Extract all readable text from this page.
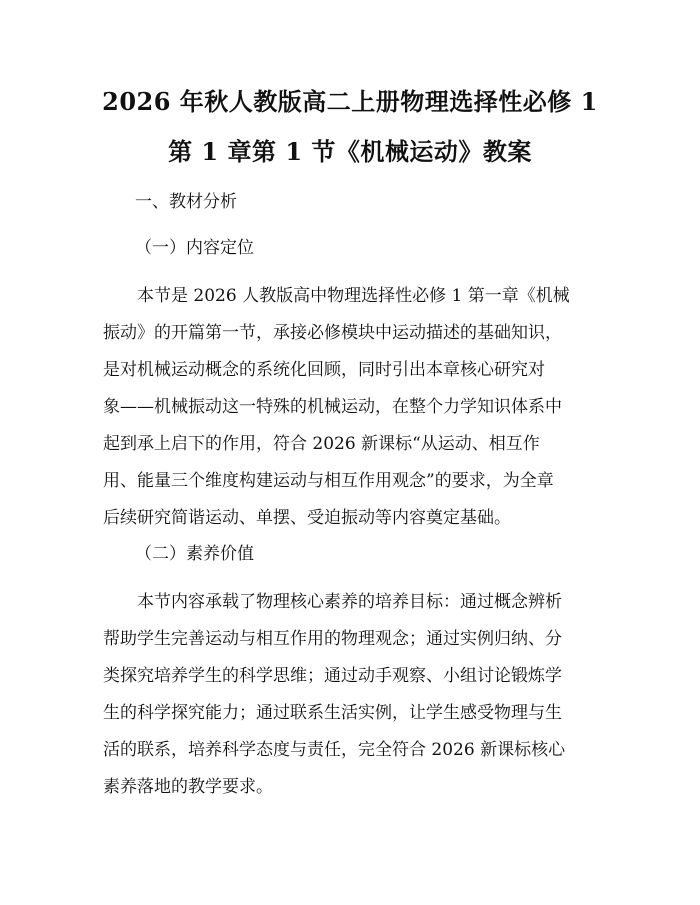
2026 年秋人教版高二上册物理选择性必修 1
第 1 章第 1 节《机械运动》教案
一、教材分析
（一）内容定位
本节是 2026 人教版高中物理选择性必修 1 第一章《机械
振动》的开篇第一节，承接必修模块中运动描述的基础知识，
是对机械运动概念的系统化回顾，同时引出本章核心研究对
象——机械振动这一特殊的机械运动，在整个力学知识体系中
起到承上启下的作用，符合 2026 新课标“从运动、相互作
用、能量三个维度构建运动与相互作用观念”的要求，为全章
后续研究简谐运动、单摆、受迫振动等内容奠定基础。
（二）素养价值
本节内容承载了物理核心素养的培养目标：通过概念辨析
帮助学生完善运动与相互作用的物理观念；通过实例归纳、分
类探究培养学生的科学思维；通过动手观察、小组讨论锻炼学
生的科学探究能力；通过联系生活实例，让学生感受物理与生
活的联系，培养科学态度与责任，完全符合 2026 新课标核心
素养落地的教学要求。
